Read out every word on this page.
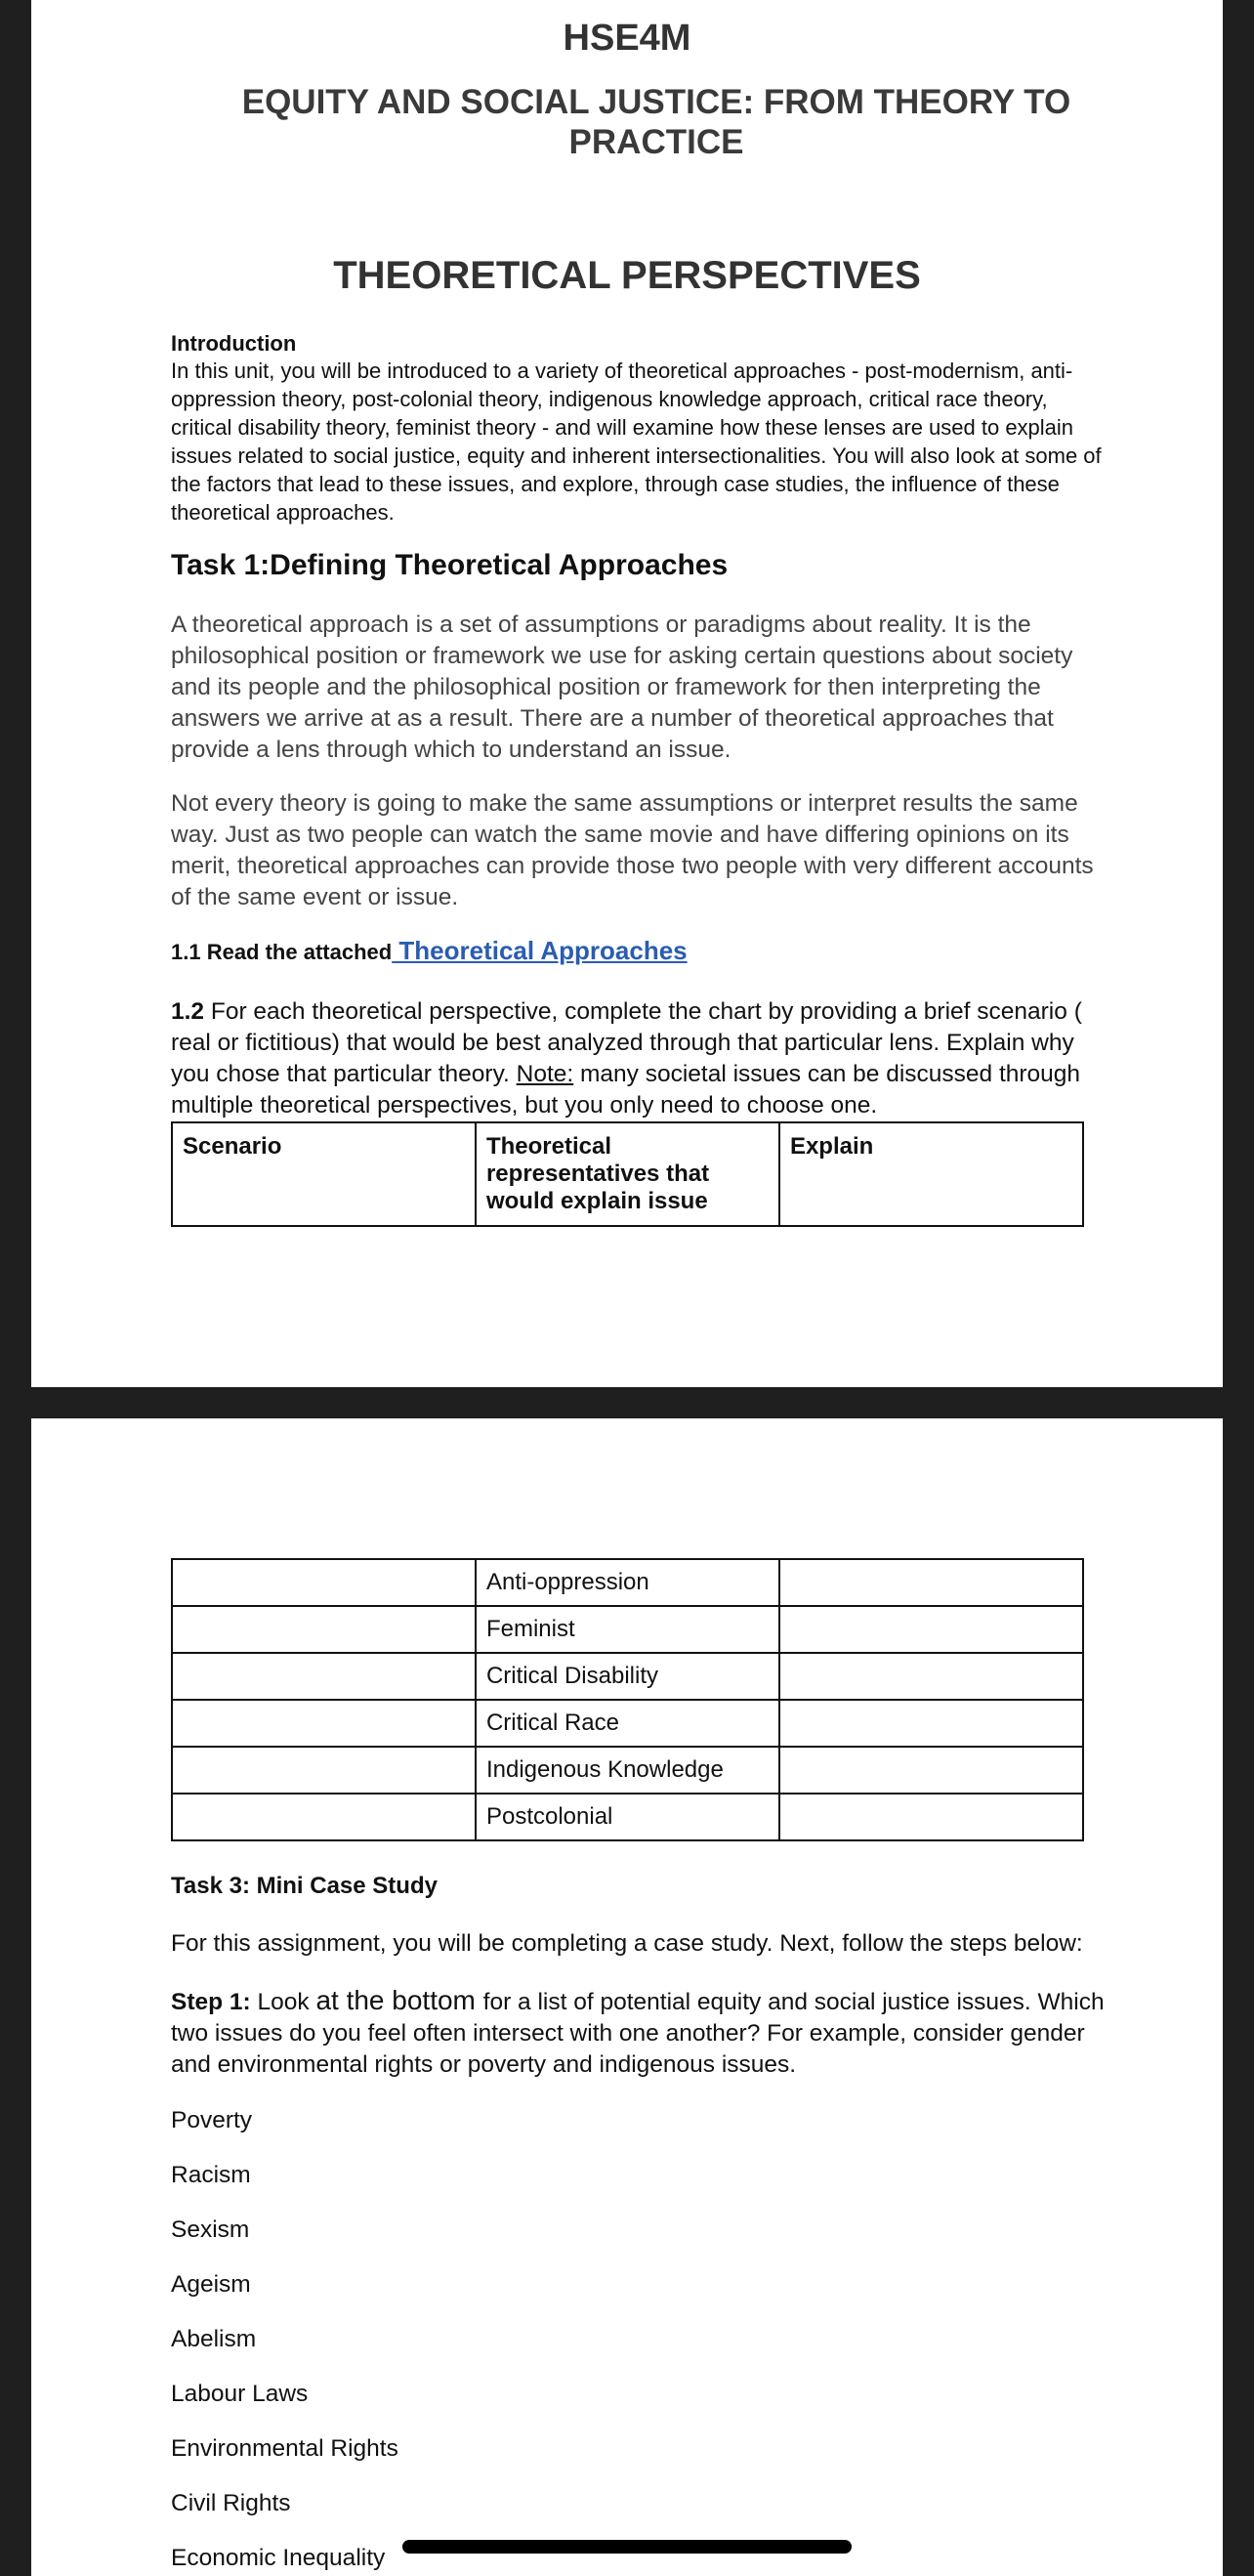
HSE4M
EQUITY AND SOCIAL JUSTICE: FROM THEORY TO PRACTICE
THEORETICAL PERSPECTIVES
Introduction
In this unit, you will be introduced to a variety of theoretical approaches - post-modernism, anti-oppression theory, post-colonial theory, indigenous knowledge approach, critical race theory, critical disability theory, feminist theory - and will examine how these lenses are used to explain issues related to social justice, equity and inherent intersectionalities. You will also look at some of the factors that lead to these issues, and explore, through case studies, the influence of these theoretical approaches.
Task 1:Defining Theoretical Approaches
A theoretical approach is a set of assumptions or paradigms about reality. It is the philosophical position or framework we use for asking certain questions about society and its people and the philosophical position or framework for then interpreting the answers we arrive at as a result. There are a number of theoretical approaches that provide a lens through which to understand an issue.
Not every theory is going to make the same assumptions or interpret results the same way. Just as two people can watch the same movie and have differing opinions on its merit, theoretical approaches can provide those two people with very different accounts of the same event or issue.
1.1 Read the attached Theoretical Approaches
1.2 For each theoretical perspective, complete the chart by providing a brief scenario ( real or fictitious) that would be best analyzed through that particular lens. Explain why you chose that particular theory. Note: many societal issues can be discussed through multiple theoretical perspectives, but you only need to choose one.
Scenario	Theoretical representatives that would explain issue	Explain
	Anti-oppression	
	Feminist	
	Critical Disability	
	Critical Race	
	Indigenous Knowledge	
	Postcolonial	
Task 3: Mini Case Study
For this assignment, you will be completing a case study. Next, follow the steps below:
Step 1: Look at the bottom for a list of potential equity and social justice issues. Which two issues do you feel often intersect with one another? For example, consider gender and environmental rights or poverty and indigenous issues.
Poverty
Racism
Sexism
Ageism
Abelism
Labour Laws
Environmental Rights
Civil Rights
Economic Inequality
